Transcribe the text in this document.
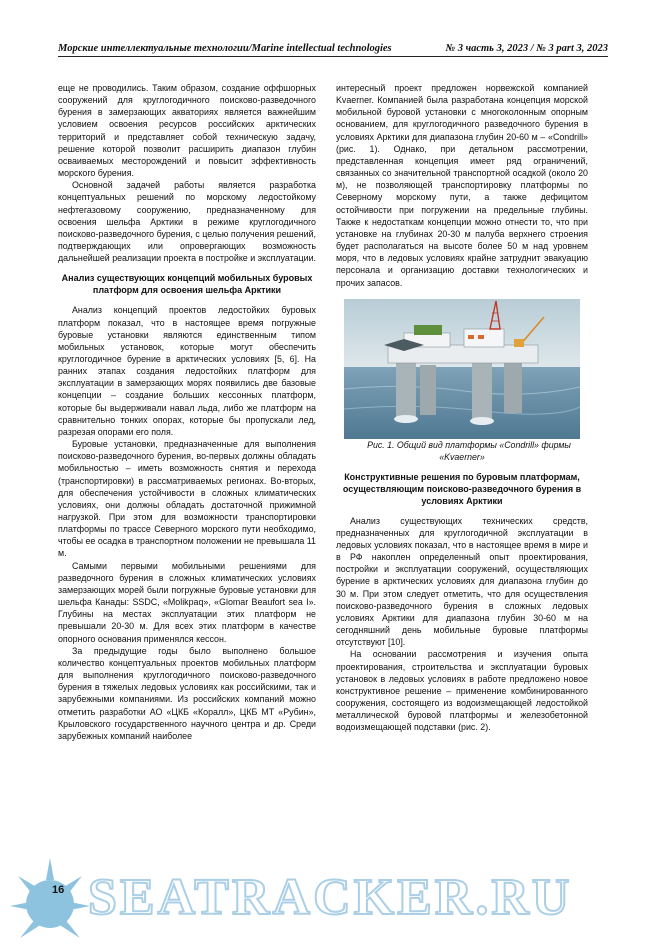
Морские интеллектуальные технологии/Marine intellectual technologies	№ 3 часть 3, 2023 / № 3 part 3, 2023

еще не проводились. Таким образом, создание оффшорных сооружений для круглогодичного поисково-разведочного бурения в замерзающих акваториях является важнейшим условием освоения ресурсов российских арктических территорий и представляет собой техническую задачу, решение которой позволит расширить диапазон глубин осваиваемых месторождений и повысит эффективность морского бурения.

Основной задачей работы является разработка концептуальных решений по морскому ледостойкому нефтегазовому сооружению, предназначенному для освоения шельфа Арктики в режиме круглогодичного поисково-разведочного бурения, с целью получения решений, подтверждающих или опровергающих возможность дальнейшей реализации проекта в постройке и эксплуатации.

Анализ существующих концепций мобильных буровых платформ для освоения шельфа Арктики

Анализ концепций проектов ледостойких буровых платформ показал, что в настоящее время погружные буровые установки являются единственным типом мобильных установок, которые могут обеспечить круглогодичное бурение в арктических условиях [5, 6]. На ранних этапах создания ледостойких платформ для эксплуатации в замерзающих морях появились две базовые концепции – создание больших кессонных платформ, которые бы выдерживали навал льда, либо же платформ на сравнительно тонких опорах, которые бы пропускали лед, разрезая опорами его поля.

Буровые установки, предназначенные для выполнения поисково-разведочного бурения, во-первых должны обладать мобильностью – иметь возможность снятия и перехода (транспортировки) в рассматриваемых регионах. Во-вторых, для обеспечения устойчивости в сложных климатических условиях, они должны обладать достаточной прижимной нагрузкой. При этом для возможности транспортировки платформы по трассе Северного морского пути необходимо, чтобы ее осадка в транспортном положении не превышала 11 м.

Самыми первыми мобильными решениями для разведочного бурения в сложных климатических условиях замерзающих морей были погружные буровые установки для шельфа Канады: SSDC, «Molikpaq», «Glomar Beaufort sea I». Глубины на местах эксплуатации этих платформ не превышали 20-30 м. Для всех этих платформ в качестве опорного основания применялся кессон.

За предыдущие годы было выполнено большое количество концептуальных проектов мобильных платформ для выполнения круглогодичного поисково-разведочного бурения в тяжелых ледовых условиях как российскими, так и зарубежными компаниями. Из российских компаний можно отметить разработки АО «ЦКБ «Коралл», ЦКБ МТ «Рубин», Крыловского государственного научного центра и др. Среди зарубежных компаний наиболее

интересный проект предложен норвежской компанией Kvaerner. Компанией была разработана концепция морской мобильной буровой установки с многоколонным опорным основанием, для круглогодичного разведочного бурения в условиях Арктики для диапазона глубин 20-60 м – «Condrill» (рис. 1). Однако, при детальном рассмотрении, представленная концепция имеет ряд ограничений, связанных со значительной транспортной осадкой (около 20 м), не позволяющей транспортировку платформы по Северному морскому пути, а также дефицитом остойчивости при погружении на предельные глубины. Также к недостаткам концепции можно отнести то, что при установке на глубинах 20-30 м палуба верхнего строения будет располагаться на высоте более 50 м над уровнем моря, что в ледовых условиях крайне затруднит эвакуацию персонала и организацию доставки технологических и прочих запасов.

Рис. 1. Общий вид платформы «Condrill» фирмы «Kvaerner»

Конструктивные решения по буровым платформам, осуществляющим поисково-разведочного бурения в условиях Арктики

Анализ существующих технических средств, предназначенных для круглогодичной эксплуатации в ледовых условиях показал, что в настоящее время в мире и в РФ накоплен определенный опыт проектирования, постройки и эксплуатации сооружений, осуществляющих бурение в арктических условиях для диапазона глубин до 30 м. При этом следует отметить, что для осуществления поисково-разведочного бурения в сложных ледовых условиях Арктики для диапазона глубин 30-60 м на сегодняшний день мобильные буровые платформы отсутствуют [10].

На основании рассмотрения и изучения опыта проектирования, строительства и эксплуатации буровых установок в ледовых условиях в работе предложено новое конструктивное решение – применение комбинированного сооружения, состоящего из водоизмещающей ледостойкой металлической буровой платформы и железобетонной водоизмещающей подставки (рис. 2).

16 SEATRACKER.RU
